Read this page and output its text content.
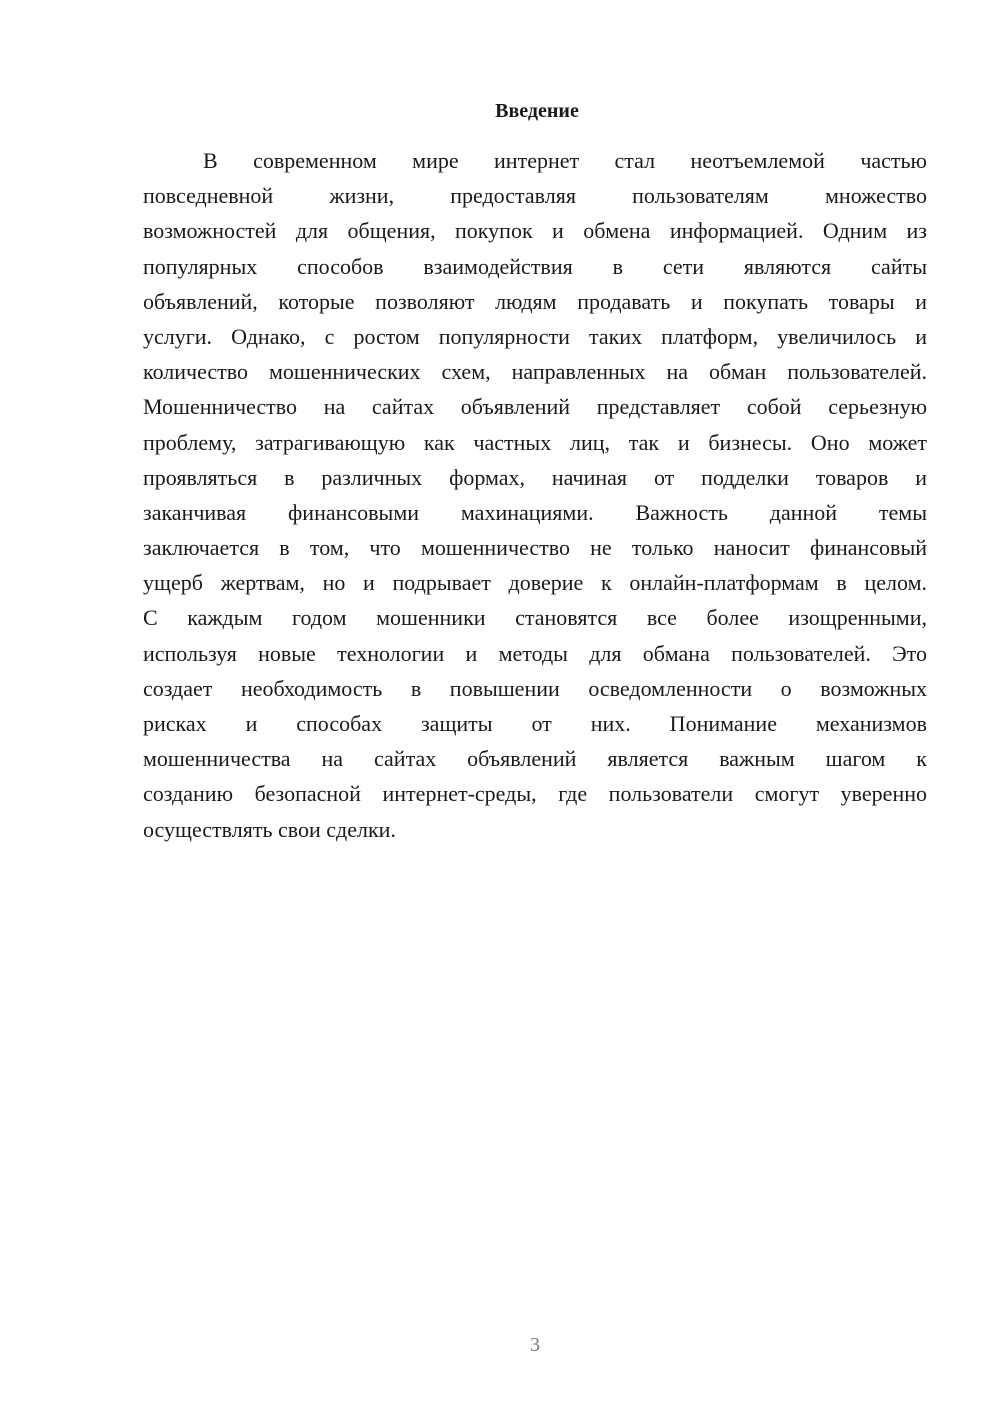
Введение
В современном мире интернет стал неотъемлемой частью
повседневной жизни, предоставляя пользователям множество
возможностей для общения, покупок и обмена информацией. Одним из
популярных способов взаимодействия в сети являются сайты
объявлений, которые позволяют людям продавать и покупать товары и
услуги. Однако, с ростом популярности таких платформ, увеличилось и
количество мошеннических схем, направленных на обман пользователей.
Мошенничество на сайтах объявлений представляет собой серьезную
проблему, затрагивающую как частных лиц, так и бизнесы. Оно может
проявляться в различных формах, начиная от подделки товаров и
заканчивая финансовыми махинациями. Важность данной темы
заключается в том, что мошенничество не только наносит финансовый
ущерб жертвам, но и подрывает доверие к онлайн-платформам в целом.
С каждым годом мошенники становятся все более изощренными,
используя новые технологии и методы для обмана пользователей. Это
создает необходимость в повышении осведомленности о возможных
рисках и способах защиты от них. Понимание механизмов
мошенничества на сайтах объявлений является важным шагом к
созданию безопасной интернет-среды, где пользователи смогут уверенно
осуществлять свои сделки.
3
